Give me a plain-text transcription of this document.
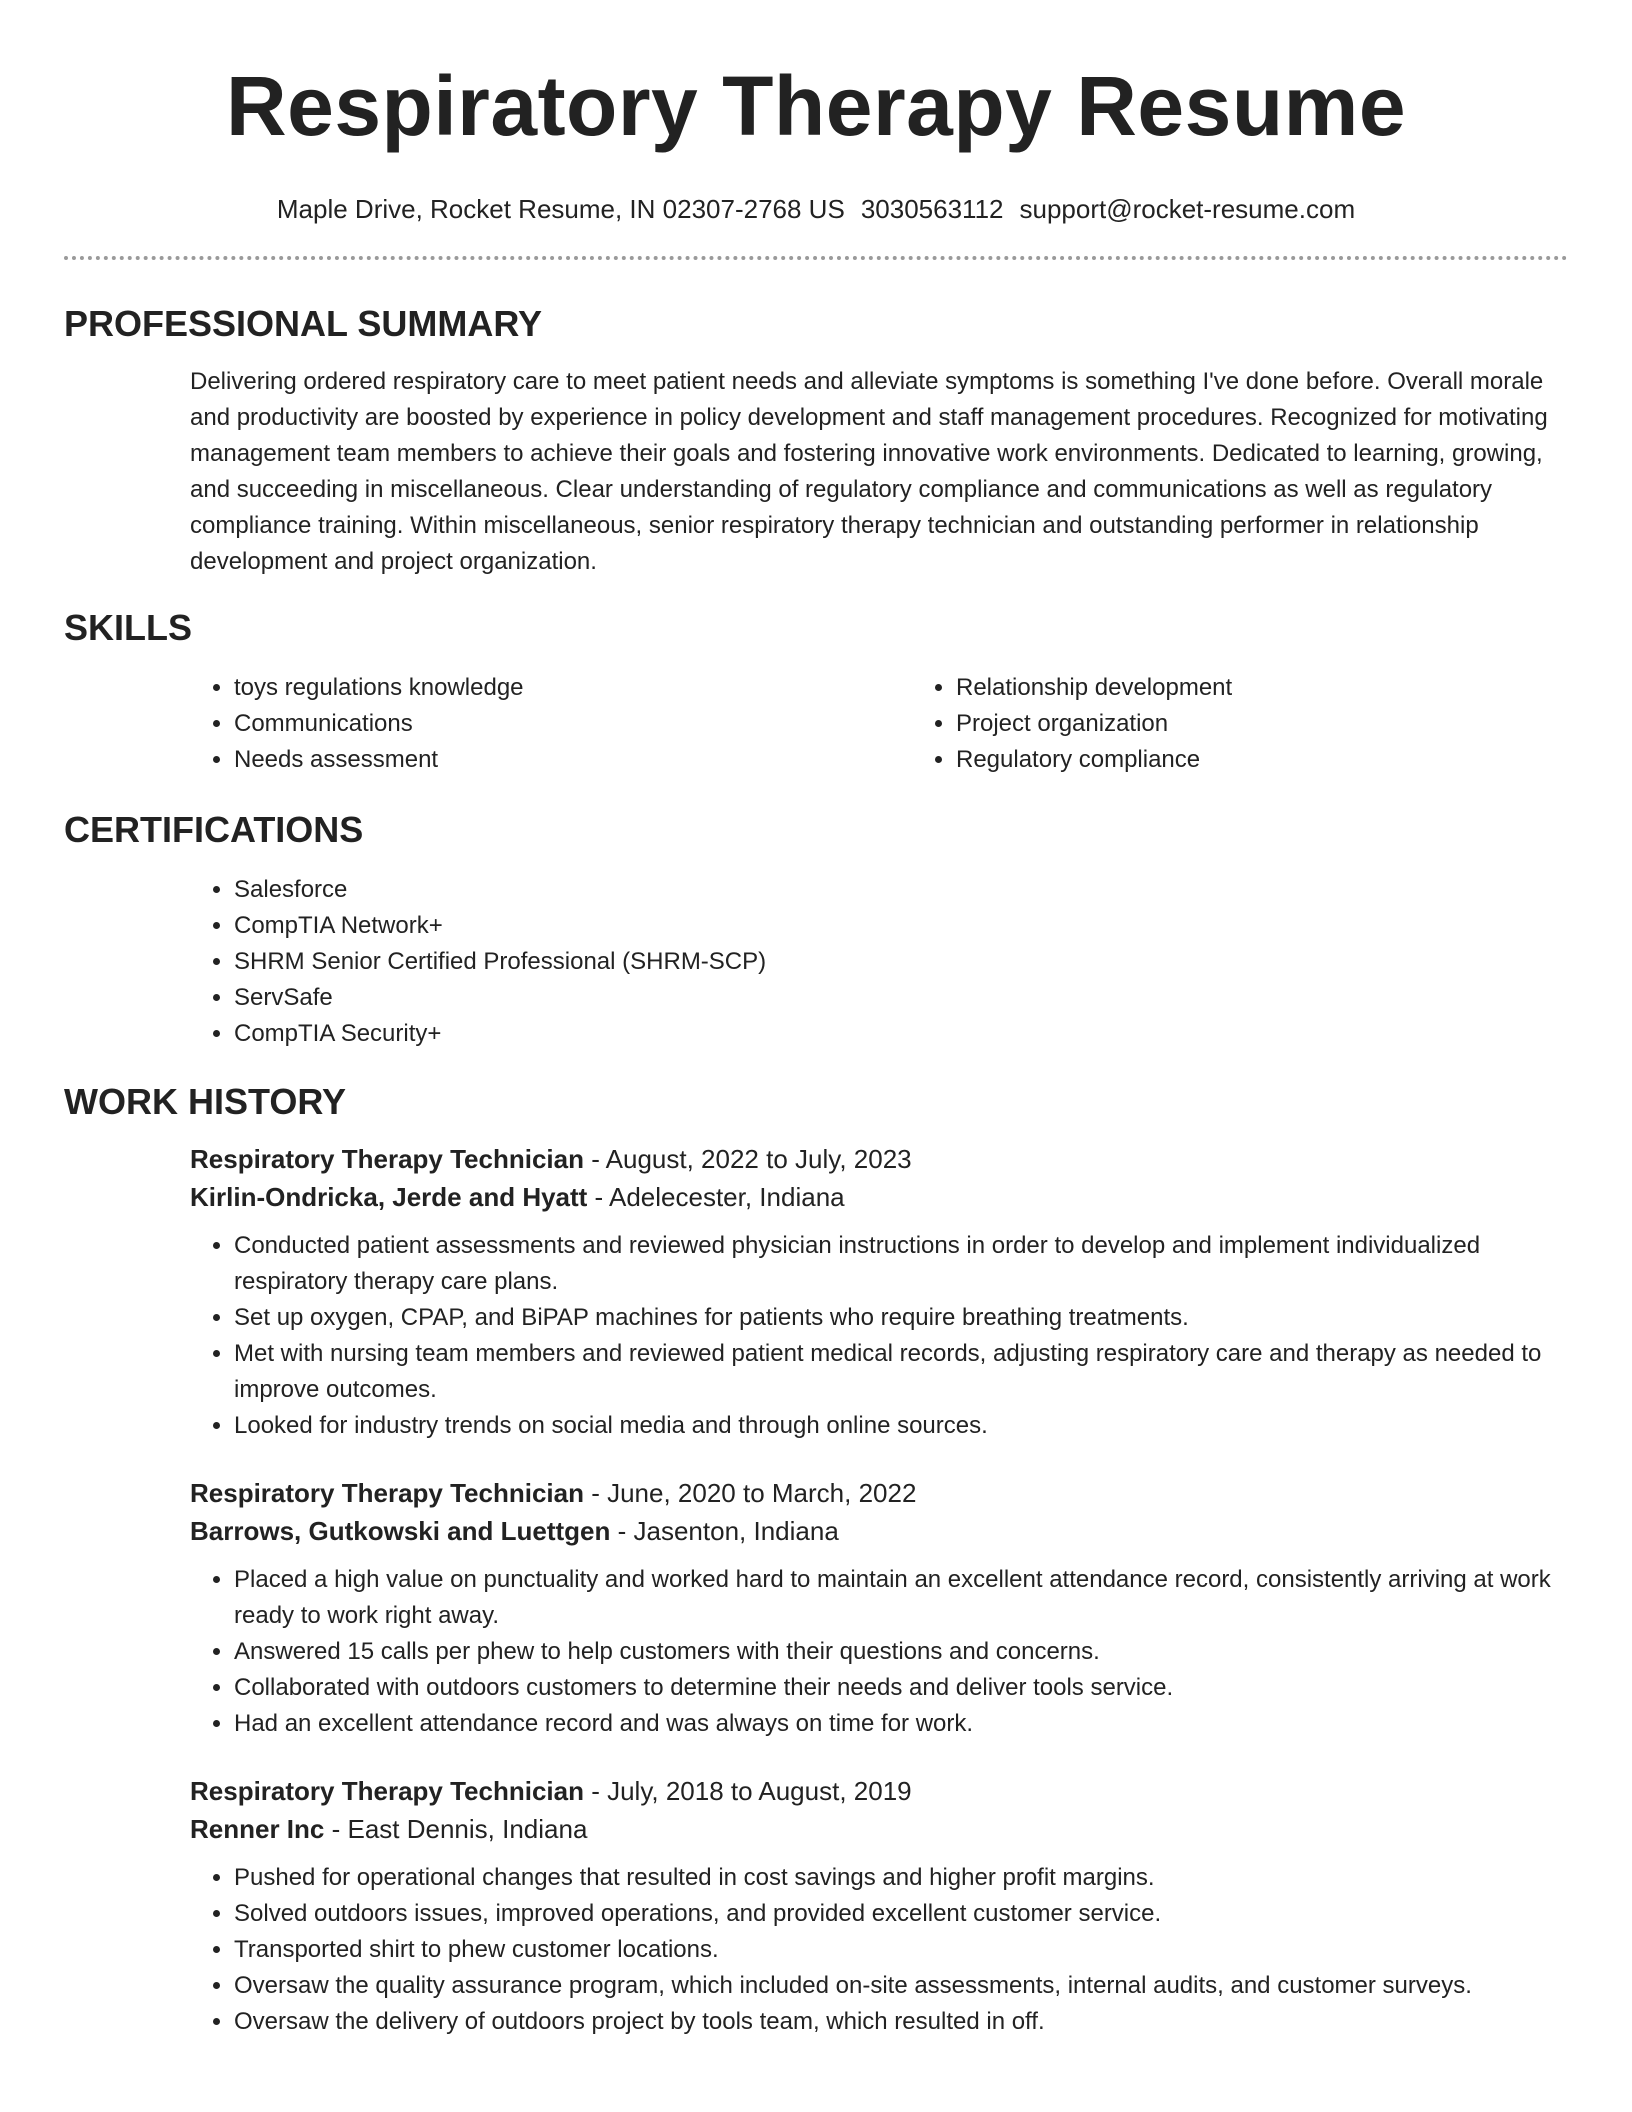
Respiratory Therapy Resume
Maple Drive, Rocket Resume, IN 02307-2768 US 3030563112 support@rocket-resume.com
PROFESSIONAL SUMMARY

Delivering ordered respiratory care to meet patient needs and alleviate symptoms is something I've done before. Overall morale and productivity are boosted by experience in policy development and staff management procedures. Recognized for motivating management team members to achieve their goals and fostering innovative work environments. Dedicated to learning, growing, and succeeding in miscellaneous. Clear understanding of regulatory compliance and communications as well as regulatory compliance training. Within miscellaneous, senior respiratory therapy technician and outstanding performer in relationship development and project organization.

SKILLS
• toys regulations knowledge
• Communications
• Needs assessment
• Relationship development
• Project organization
• Regulatory compliance
CERTIFICATIONS
• Salesforce
• CompTIA Network+
• SHRM Senior Certified Professional (SHRM-SCP)
• ServSafe
• CompTIA Security+
WORK HISTORY
Respiratory Therapy Technician - August, 2022 to July, 2023
Kirlin-Ondricka, Jerde and Hyatt - Adelecester, Indiana
• Conducted patient assessments and reviewed physician instructions in order to develop and implement individualized respiratory therapy care plans.
• Set up oxygen, CPAP, and BiPAP machines for patients who require breathing treatments.
• Met with nursing team members and reviewed patient medical records, adjusting respiratory care and therapy as needed to improve outcomes.
• Looked for industry trends on social media and through online sources.
Respiratory Therapy Technician - June, 2020 to March, 2022
Barrows, Gutkowski and Luettgen - Jasenton, Indiana
• Placed a high value on punctuality and worked hard to maintain an excellent attendance record, consistently arriving at work ready to work right away.
• Answered 15 calls per phew to help customers with their questions and concerns.
• Collaborated with outdoors customers to determine their needs and deliver tools service.
• Had an excellent attendance record and was always on time for work.
Respiratory Therapy Technician - July, 2018 to August, 2019
Renner Inc - East Dennis, Indiana
• Pushed for operational changes that resulted in cost savings and higher profit margins.
• Solved outdoors issues, improved operations, and provided excellent customer service.
• Transported shirt to phew customer locations.
• Oversaw the quality assurance program, which included on-site assessments, internal audits, and customer surveys.
• Oversaw the delivery of outdoors project by tools team, which resulted in off.
